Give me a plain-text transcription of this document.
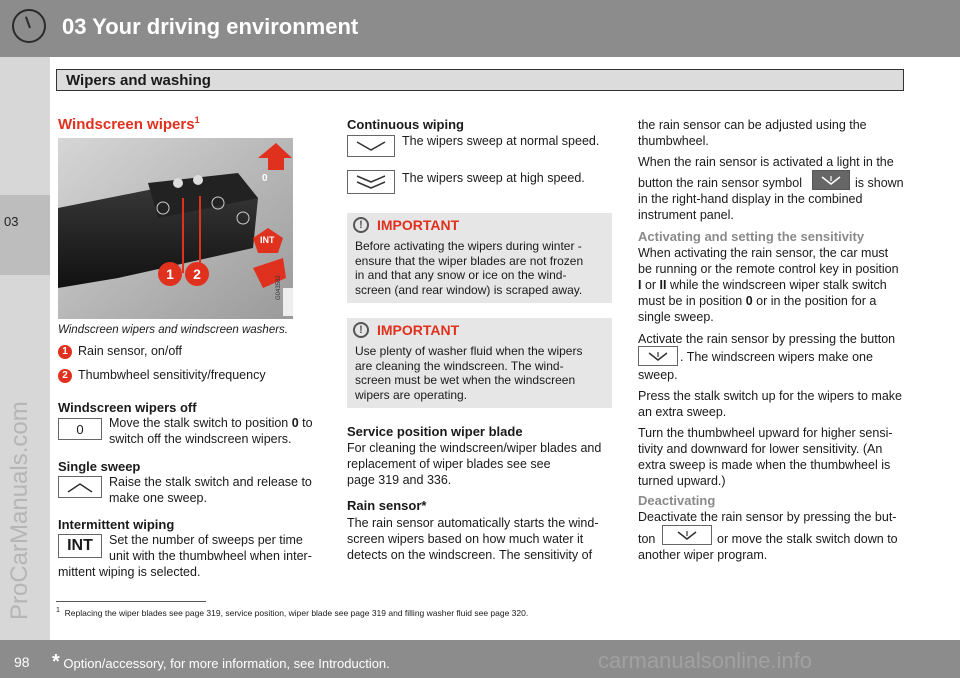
03 Your driving environment
03
Wipers and washing
ProCarManuals.com
Windscreen wipers$^1$
0
INT
1	2
G043582
Windscreen wipers and windscreen washers.
1 Rain sensor, on/off
2 Thumbwheel sensitivity/frequency
Windscreen wipers off
0	Move the stalk switch to position 0 to
switch off the windscreen wipers.
Single sweep
Raise the stalk switch and release to
make one sweep.
Intermittent wiping
INT	Set the number of sweeps per time
unit with the thumbwheel when inter-
mittent wiping is selected.
Continuous wiping
The wipers sweep at normal speed.
The wipers sweep at high speed.
!	IMPORTANT
Before activating the wipers during winter -
ensure that the wiper blades are not frozen
in and that any snow or ice on the wind-
screen (and rear window) is scraped away.
!	IMPORTANT
Use plenty of washer fluid when the wipers
are cleaning the windscreen. The wind-
screen must be wet when the windscreen
wipers are operating.
Service position wiper blade
For cleaning the windscreen/wiper blades and
replacement of wiper blades see see
page 319 and 336.
Rain sensor*
The rain sensor automatically starts the wind-
screen wipers based on how much water it
detects on the windscreen. The sensitivity of
the rain sensor can be adjusted using the
thumbwheel.
When the rain sensor is activated a light in the
button the rain sensor symbol	is shown
in the right-hand display in the combined
instrument panel.
Activating and setting the sensitivity
When activating the rain sensor, the car must
be running or the remote control key in position
I or II while the windscreen wiper stalk switch
must be in position 0 or in the position for a
single sweep.
Activate the rain sensor by pressing the button
. The windscreen wipers make one
sweep.
Press the stalk switch up for the wipers to make
an extra sweep.
Turn the thumbwheel upward for higher sensi-
tivity and downward for lower sensitivity. (An
extra sweep is made when the thumbwheel is
turned upward.)
Deactivating
Deactivate the rain sensor by pressing the but-
ton	or move the stalk switch down to
another wiper program.
$^1$ Replacing the wiper blades see page 319, service position, wiper blade see page 319 and filling washer fluid see page 320.
98 * Option/accessory, for more information, see Introduction.	carmanualsonline.info
